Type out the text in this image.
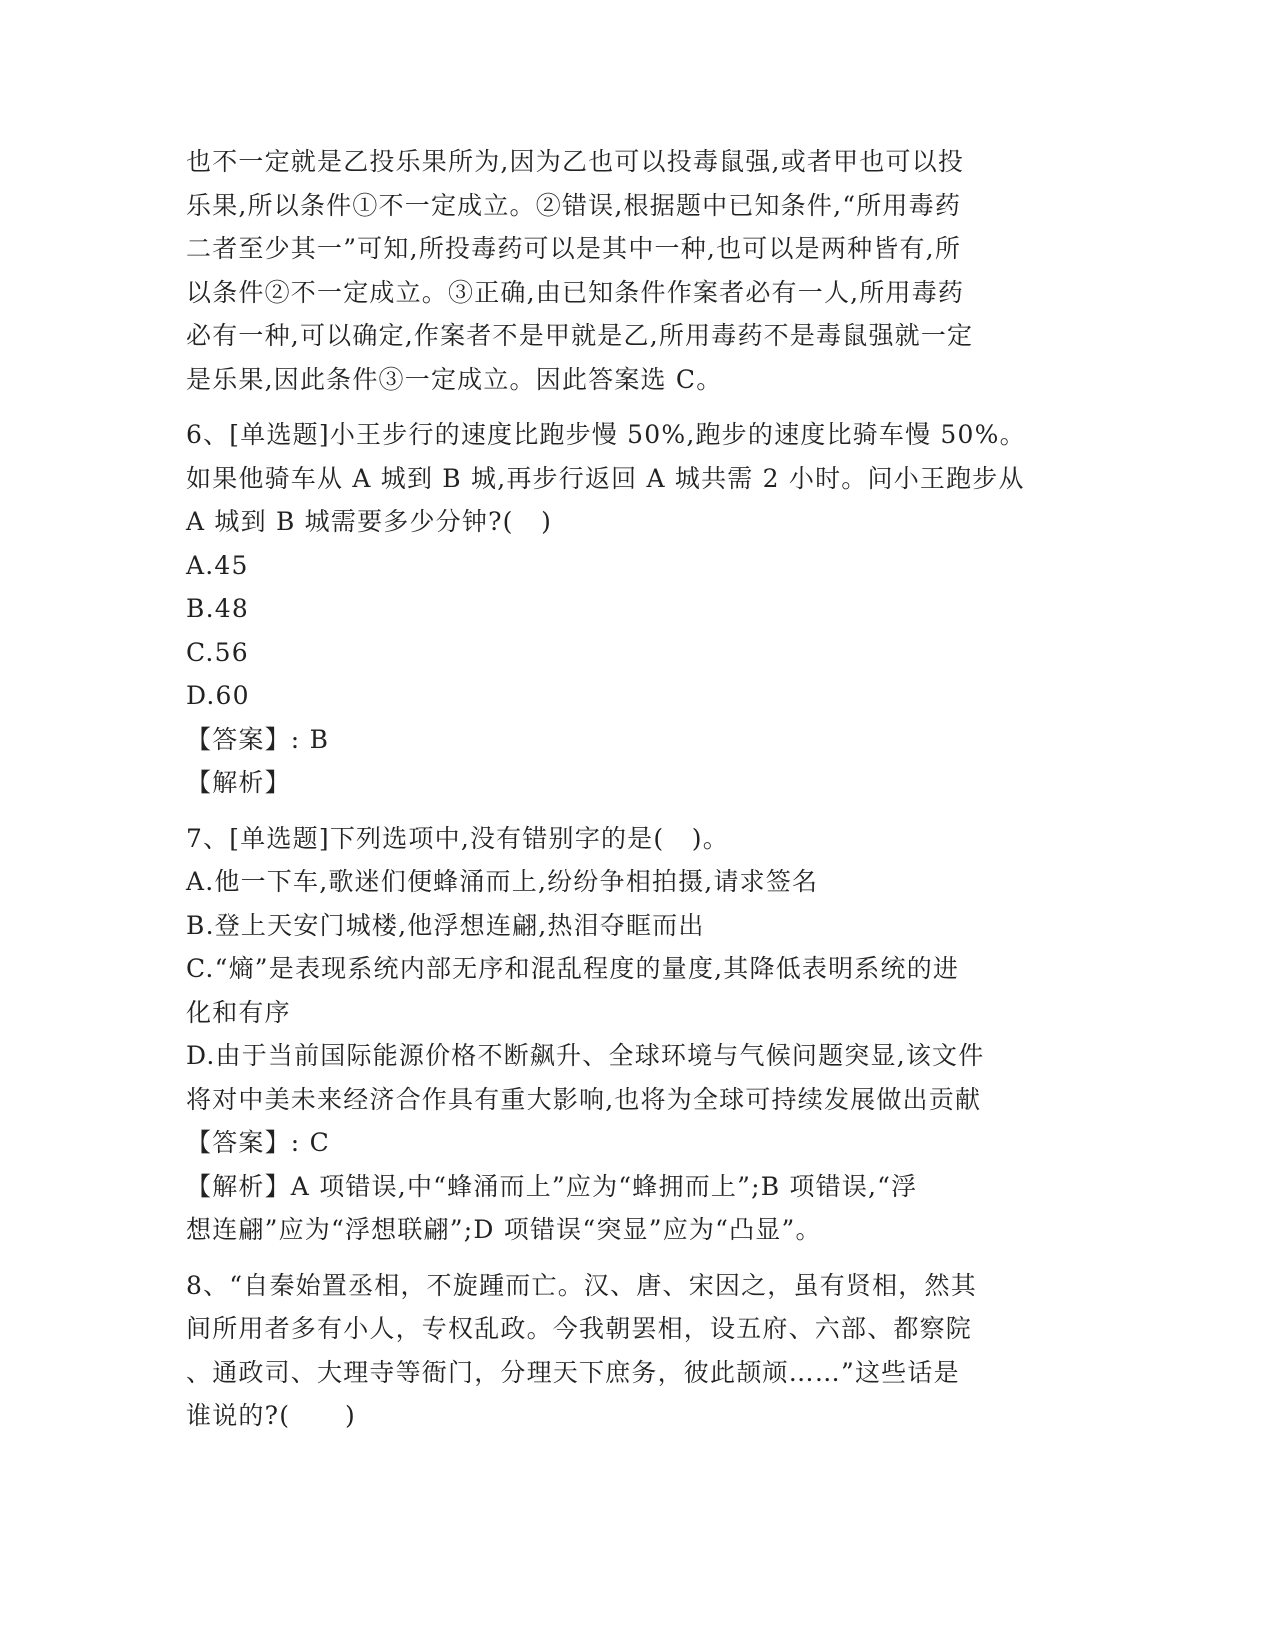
也不一定就是乙投乐果所为,因为乙也可以投毒鼠强,或者甲也可以投
乐果,所以条件①不一定成立。②错误,根据题中已知条件,“所用毒药
二者至少其一”可知,所投毒药可以是其中一种,也可以是两种皆有,所
以条件②不一定成立。③正确,由已知条件作案者必有一人,所用毒药
必有一种,可以确定,作案者不是甲就是乙,所用毒药不是毒鼠强就一定
是乐果,因此条件③一定成立。因此答案选 C。
6、[单选题]小王步行的速度比跑步慢 50%,跑步的速度比骑车慢 50%。
如果他骑车从 A 城到 B 城,再步行返回 A 城共需 2 小时。问小王跑步从
A 城到 B 城需要多少分钟?(   )
A.45
B.48
C.56
D.60
【答案】: B
【解析】
7、[单选题]下列选项中,没有错别字的是(   )。
A.他一下车,歌迷们便蜂涌而上,纷纷争相拍摄,请求签名
B.登上天安门城楼,他浮想连翩,热泪夺眶而出
C.“熵”是表现系统内部无序和混乱程度的量度,其降低表明系统的进
化和有序
D.由于当前国际能源价格不断飙升、全球环境与气候问题突显,该文件
将对中美未来经济合作具有重大影响,也将为全球可持续发展做出贡献
【答案】: C
【解析】A 项错误,中“蜂涌而上”应为“蜂拥而上”;B 项错误,“浮
想连翩”应为“浮想联翩”;D 项错误“突显”应为“凸显”。
8、“自秦始置丞相，不旋踵而亡。汉、唐、宋因之，虽有贤相，然其
间所用者多有小人，专权乱政。今我朝罢相，设五府、六部、都察院
、通政司、大理寺等衙门，分理天下庶务，彼此颉颃……”这些话是
谁说的?(      )
